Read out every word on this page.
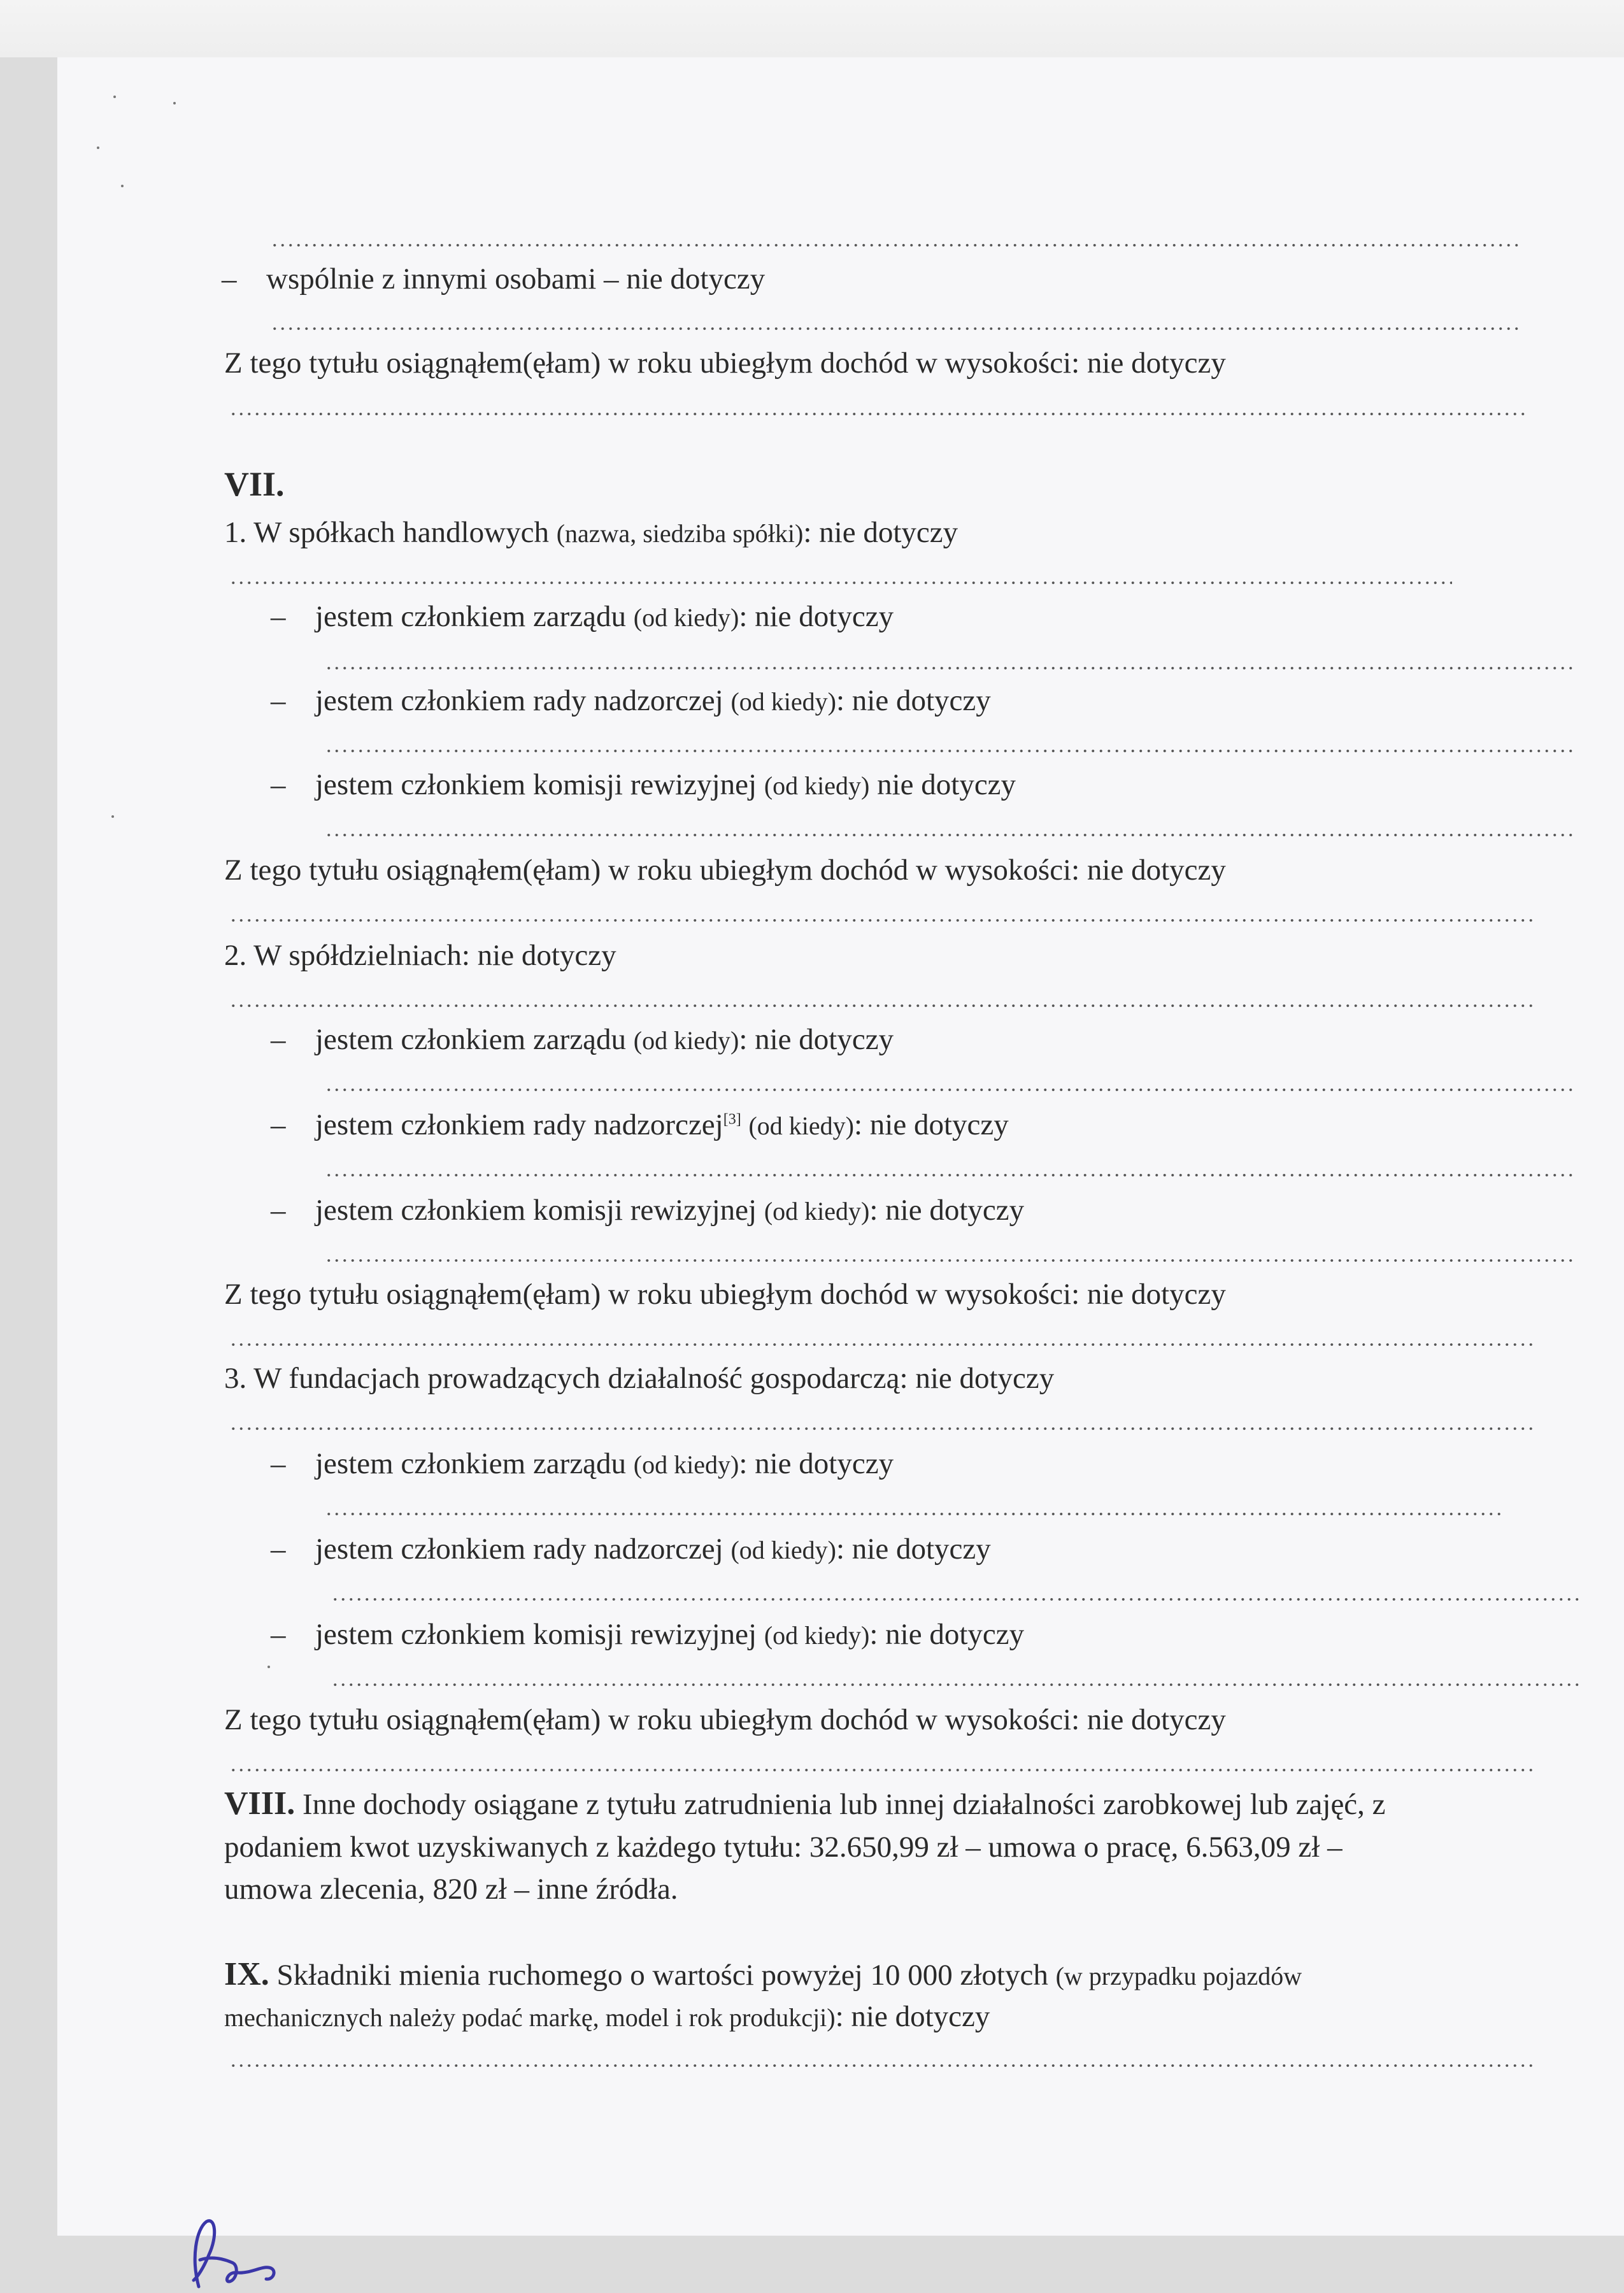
– wspólnie z innymi osobami – nie dotyczy
Z tego tytułu osiągnąłem(ęłam) w roku ubiegłym dochód w wysokości: nie dotyczy
VII.
1. W spółkach handlowych (nazwa, siedziba spółki): nie dotyczy
– jestem członkiem zarządu (od kiedy): nie dotyczy
– jestem członkiem rady nadzorczej (od kiedy): nie dotyczy
– jestem członkiem komisji rewizyjnej (od kiedy) nie dotyczy
Z tego tytułu osiągnąłem(ęłam) w roku ubiegłym dochód w wysokości: nie dotyczy
2. W spółdzielniach: nie dotyczy
– jestem członkiem zarządu (od kiedy): nie dotyczy
– jestem członkiem rady nadzorczej[3] (od kiedy): nie dotyczy
– jestem członkiem komisji rewizyjnej (od kiedy): nie dotyczy
Z tego tytułu osiągnąłem(ęłam) w roku ubiegłym dochód w wysokości: nie dotyczy
3. W fundacjach prowadzących działalność gospodarczą: nie dotyczy
– jestem członkiem zarządu (od kiedy): nie dotyczy
– jestem członkiem rady nadzorczej (od kiedy): nie dotyczy
– jestem członkiem komisji rewizyjnej (od kiedy): nie dotyczy
Z tego tytułu osiągnąłem(ęłam) w roku ubiegłym dochód w wysokości: nie dotyczy
VIII. Inne dochody osiągane z tytułu zatrudnienia lub innej działalności zarobkowej lub zajęć, z
podaniem kwot uzyskiwanych z każdego tytułu: 32.650,99 zł – umowa o pracę, 6.563,09 zł –
umowa zlecenia, 820 zł – inne źródła.
IX. Składniki mienia ruchomego o wartości powyżej 10 000 złotych (w przypadku pojazdów
mechanicznych należy podać markę, model i rok produkcji): nie dotyczy
